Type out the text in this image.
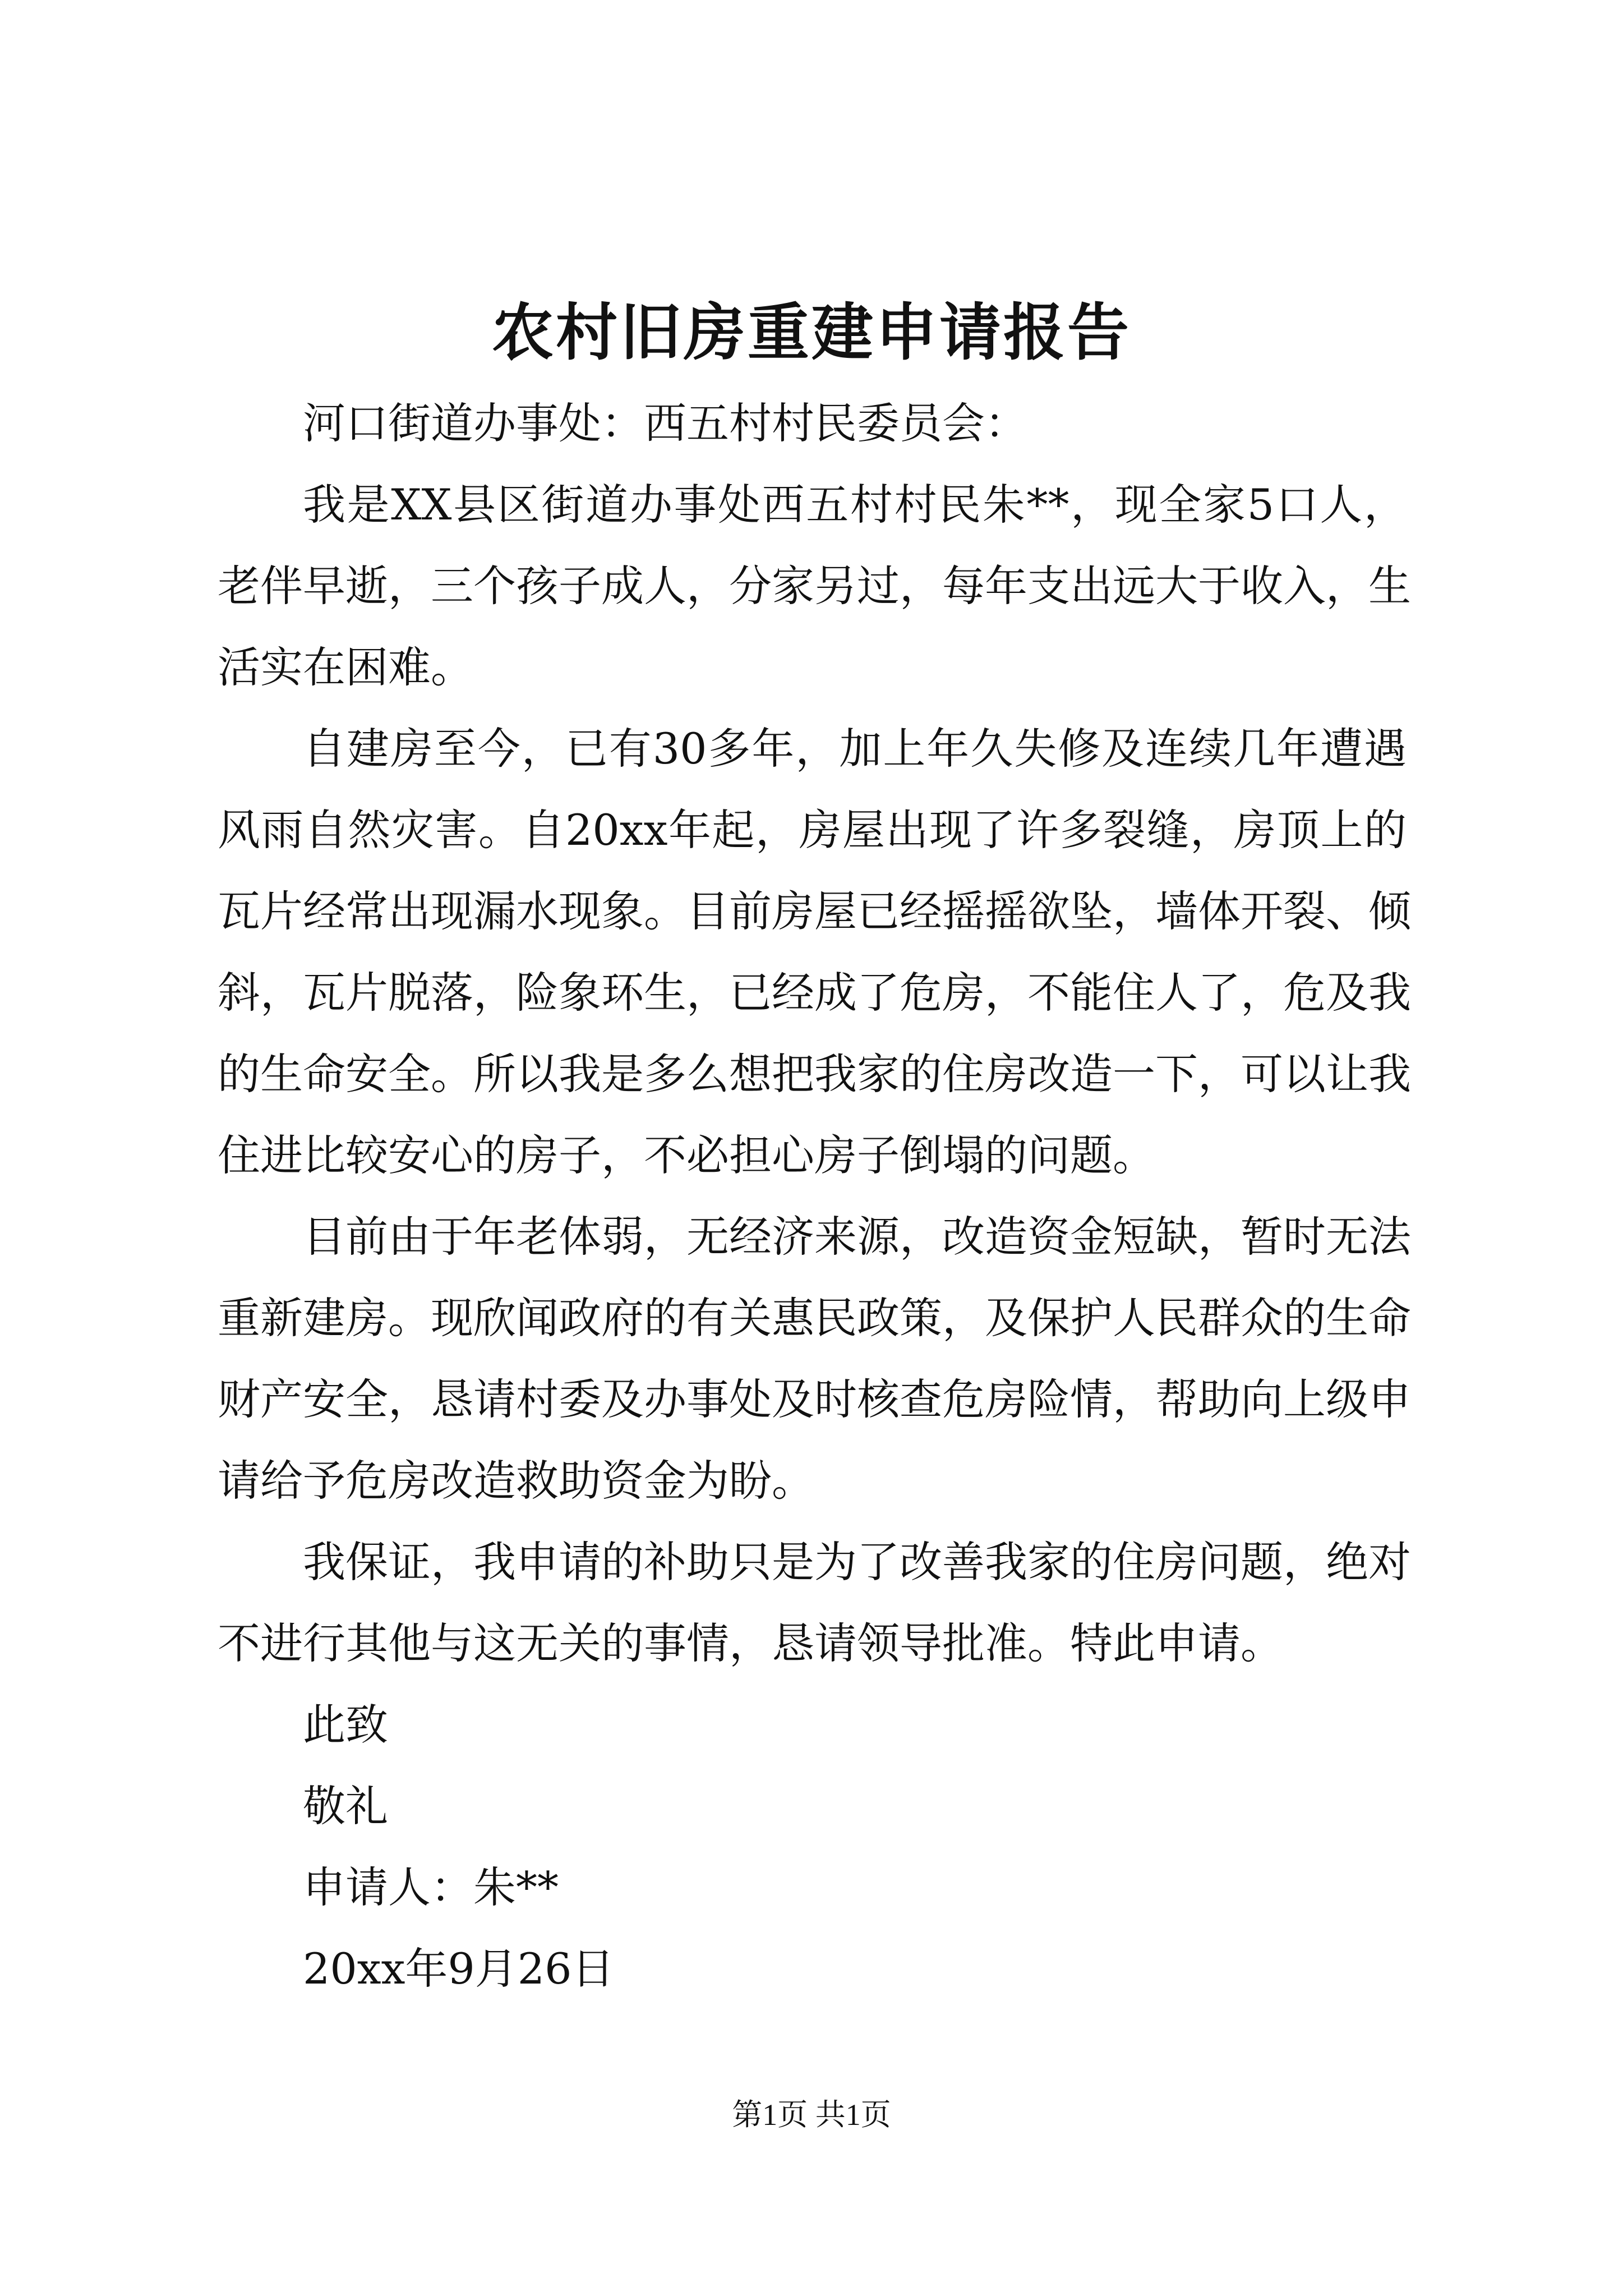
农村旧房重建申请报告
河口街道办事处：西五村村民委员会：
我是XX县区街道办事处西五村村民朱**，现全家5口人，
老伴早逝，三个孩子成人，分家另过，每年支出远大于收入，生
活实在困难。
自建房至今，已有30多年，加上年久失修及连续几年遭遇
风雨自然灾害。自20xx年起，房屋出现了许多裂缝，房顶上的
瓦片经常出现漏水现象。目前房屋已经摇摇欲坠，墙体开裂、倾
斜，瓦片脱落，险象环生，已经成了危房，不能住人了，危及我
的生命安全。所以我是多么想把我家的住房改造一下，可以让我
住进比较安心的房子，不必担心房子倒塌的问题。
目前由于年老体弱，无经济来源，改造资金短缺，暂时无法
重新建房。现欣闻政府的有关惠民政策，及保护人民群众的生命
财产安全，恳请村委及办事处及时核查危房险情，帮助向上级申
请给予危房改造救助资金为盼。
我保证，我申请的补助只是为了改善我家的住房问题，绝对
不进行其他与这无关的事情，恳请领导批准。特此申请。
此致
敬礼
申请人：朱**
20xx年9月26日
第1页 共1页
